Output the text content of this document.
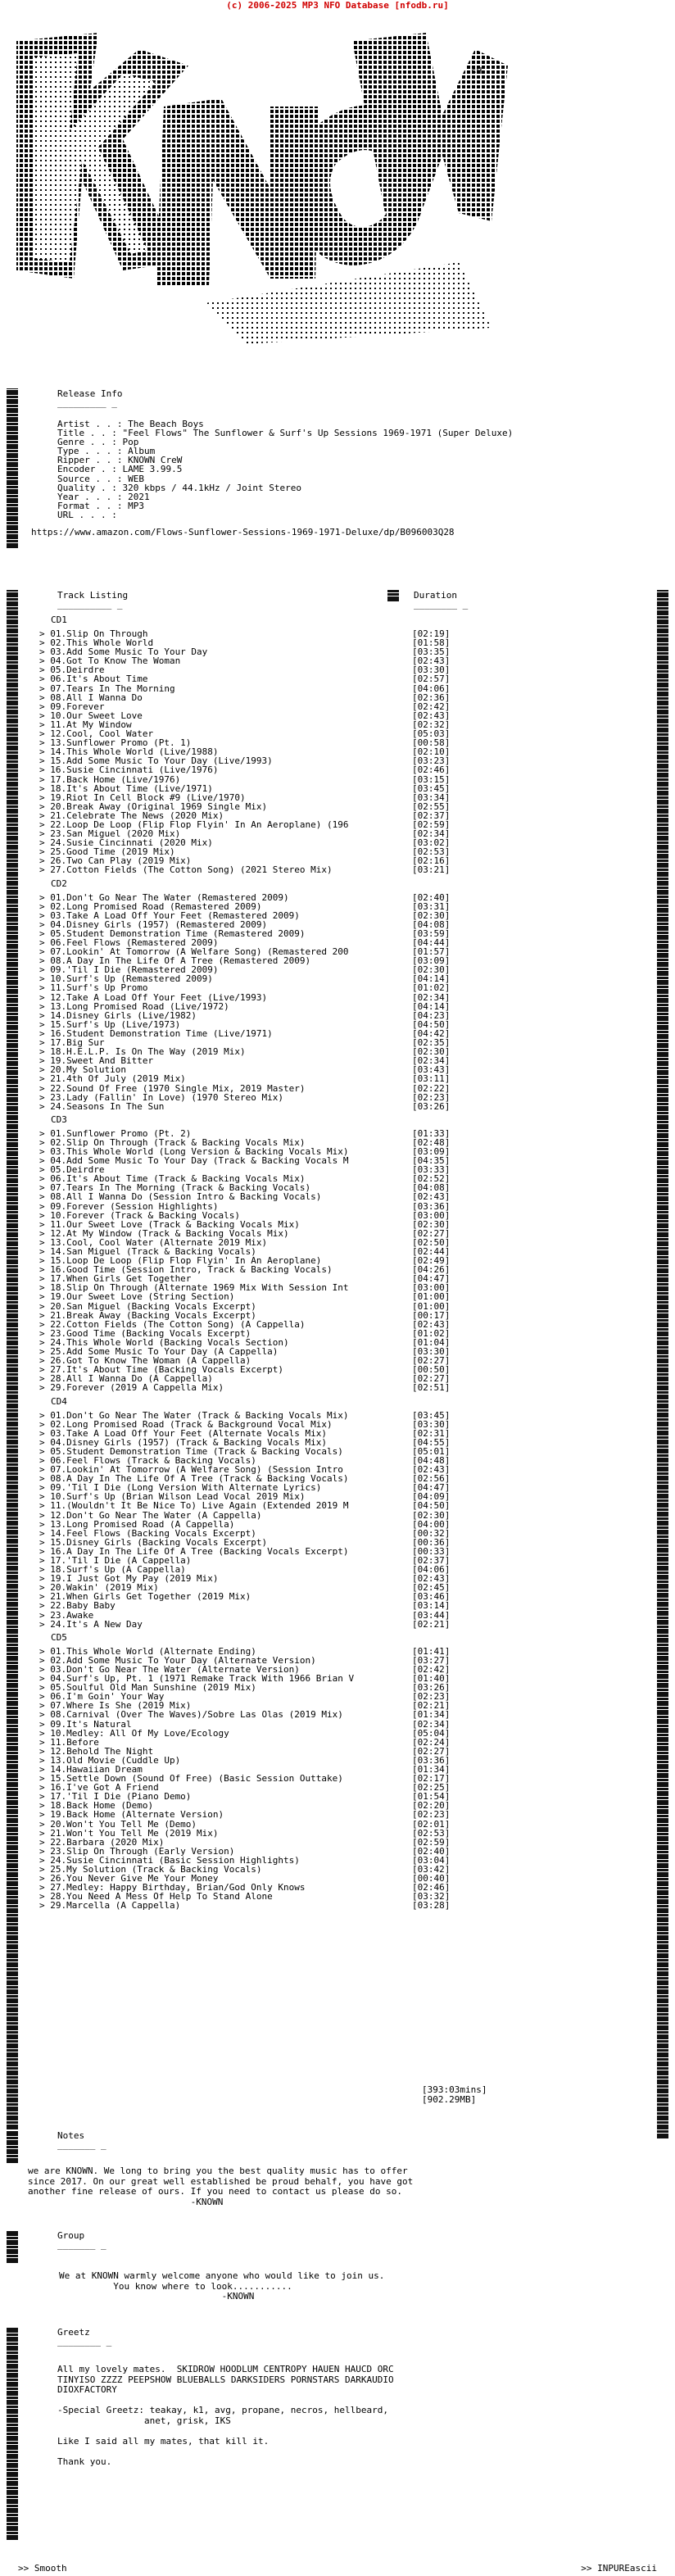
(c) 2006-2025 MP3 NFO Database [nfodb.ru]
sH
Release Info
_________ _
Artist . . : The Beach Boys
Title . . : "Feel Flows" The Sunflower & Surf's Up Sessions 1969-1971 (Super Deluxe)
Genre . . : Pop
Type . . . : Album
Ripper . . : KNOWN CreW
Encoder . : LAME 3.99.5
Source . . : WEB
Quality . : 320 kbps / 44.1kHz / Joint Stereo
Year . . . : 2021
Format . . : MP3
URL . . . :
https://www.amazon.com/Flows-Sunflower-Sessions-1969-1971-Deluxe/dp/B096003Q28
Track Listing
__________ _
Duration
________ _
CD1
> 01.Slip On Through	[02:19]
> 02.This Whole World	[01:58]
> 03.Add Some Music To Your Day	[03:35]
> 04.Got To Know The Woman	[02:43]
> 05.Deirdre	[03:30]
> 06.It's About Time	[02:57]
> 07.Tears In The Morning	[04:06]
> 08.All I Wanna Do	[02:36]
> 09.Forever	[02:42]
> 10.Our Sweet Love	[02:43]
> 11.At My Window	[02:32]
> 12.Cool, Cool Water	[05:03]
> 13.Sunflower Promo (Pt. 1)	[00:58]
> 14.This Whole World (Live/1988)	[02:10]
> 15.Add Some Music To Your Day (Live/1993)	[03:23]
> 16.Susie Cincinnati (Live/1976)	[02:46]
> 17.Back Home (Live/1976)	[03:15]
> 18.It's About Time (Live/1971)	[03:45]
> 19.Riot In Cell Block #9 (Live/1970)	[03:34]
> 20.Break Away (Original 1969 Single Mix)	[02:55]
> 21.Celebrate The News (2020 Mix)	[02:37]
> 22.Loop De Loop (Flip Flop Flyin' In An Aeroplane) (196	[02:59]
> 23.San Miguel (2020 Mix)	[02:34]
> 24.Susie Cincinnati (2020 Mix)	[03:02]
> 25.Good Time (2019 Mix)	[02:53]
> 26.Two Can Play (2019 Mix)	[02:16]
> 27.Cotton Fields (The Cotton Song) (2021 Stereo Mix)	[03:21]
CD2
> 01.Don't Go Near The Water (Remastered 2009)	[02:40]
> 02.Long Promised Road (Remastered 2009)	[03:31]
> 03.Take A Load Off Your Feet (Remastered 2009)	[02:30]
> 04.Disney Girls (1957) (Remastered 2009)	[04:08]
> 05.Student Demonstration Time (Remastered 2009)	[03:59]
> 06.Feel Flows (Remastered 2009)	[04:44]
> 07.Lookin' At Tomorrow (A Welfare Song) (Remastered 200	[01:57]
> 08.A Day In The Life Of A Tree (Remastered 2009)	[03:09]
> 09.'Til I Die (Remastered 2009)	[02:30]
> 10.Surf's Up (Remastered 2009)	[04:14]
> 11.Surf's Up Promo	[01:02]
> 12.Take A Load Off Your Feet (Live/1993)	[02:34]
> 13.Long Promised Road (Live/1972)	[04:14]
> 14.Disney Girls (Live/1982)	[04:23]
> 15.Surf's Up (Live/1973)	[04:50]
> 16.Student Demonstration Time (Live/1971)	[04:42]
> 17.Big Sur	[02:35]
> 18.H.E.L.P. Is On The Way (2019 Mix)	[02:30]
> 19.Sweet And Bitter	[02:34]
> 20.My Solution	[03:43]
> 21.4th Of July (2019 Mix)	[03:11]
> 22.Sound Of Free (1970 Single Mix, 2019 Master)	[02:22]
> 23.Lady (Fallin' In Love) (1970 Stereo Mix)	[02:23]
> 24.Seasons In The Sun	[03:26]
CD3
> 01.Sunflower Promo (Pt. 2)	[01:33]
> 02.Slip On Through (Track & Backing Vocals Mix)	[02:48]
> 03.This Whole World (Long Version & Backing Vocals Mix)	[03:09]
> 04.Add Some Music To Your Day (Track & Backing Vocals M	[04:35]
> 05.Deirdre	[03:33]
> 06.It's About Time (Track & Backing Vocals Mix)	[02:52]
> 07.Tears In The Morning (Track & Backing Vocals)	[04:08]
> 08.All I Wanna Do (Session Intro & Backing Vocals)	[02:43]
> 09.Forever (Session Highlights)	[03:36]
> 10.Forever (Track & Backing Vocals)	[03:00]
> 11.Our Sweet Love (Track & Backing Vocals Mix)	[02:30]
> 12.At My Window (Track & Backing Vocals Mix)	[02:27]
> 13.Cool, Cool Water (Alternate 2019 Mix)	[02:50]
> 14.San Miguel (Track & Backing Vocals)	[02:44]
> 15.Loop De Loop (Flip Flop Flyin' In An Aeroplane)	[02:49]
> 16.Good Time (Session Intro, Track & Backing Vocals)	[04:26]
> 17.When Girls Get Together	[04:47]
> 18.Slip On Through (Alternate 1969 Mix With Session Int	[03:00]
> 19.Our Sweet Love (String Section)	[01:00]
> 20.San Miguel (Backing Vocals Excerpt)	[01:00]
> 21.Break Away (Backing Vocals Excerpt)	[00:17]
> 22.Cotton Fields (The Cotton Song) (A Cappella)	[02:43]
> 23.Good Time (Backing Vocals Excerpt)	[01:02]
> 24.This Whole World (Backing Vocals Section)	[01:04]
> 25.Add Some Music To Your Day (A Cappella)	[03:30]
> 26.Got To Know The Woman (A Cappella)	[02:27]
> 27.It's About Time (Backing Vocals Excerpt)	[00:50]
> 28.All I Wanna Do (A Cappella)	[02:27]
> 29.Forever (2019 A Cappella Mix)	[02:51]
CD4
> 01.Don't Go Near The Water (Track & Backing Vocals Mix)	[03:45]
> 02.Long Promised Road (Track & Background Vocal Mix)	[03:30]
> 03.Take A Load Off Your Feet (Alternate Vocals Mix)	[02:31]
> 04.Disney Girls (1957) (Track & Backing Vocals Mix)	[04:55]
> 05.Student Demonstration Time (Track & Backing Vocals)	[05:01]
> 06.Feel Flows (Track & Backing Vocals)	[04:48]
> 07.Lookin' At Tomorrow (A Welfare Song) (Session Intro	[02:43]
> 08.A Day In The Life Of A Tree (Track & Backing Vocals)	[02:56]
> 09.'Til I Die (Long Version With Alternate Lyrics)	[04:47]
> 10.Surf's Up (Brian Wilson Lead Vocal 2019 Mix)	[04:09]
> 11.(Wouldn't It Be Nice To) Live Again (Extended 2019 M	[04:50]
> 12.Don't Go Near The Water (A Cappella)	[02:30]
> 13.Long Promised Road (A Cappella)	[04:00]
> 14.Feel Flows (Backing Vocals Excerpt)	[00:32]
> 15.Disney Girls (Backing Vocals Excerpt)	[00:36]
> 16.A Day In The Life Of A Tree (Backing Vocals Excerpt)	[00:33]
> 17.'Til I Die (A Cappella)	[02:37]
> 18.Surf's Up (A Cappella)	[04:06]
> 19.I Just Got My Pay (2019 Mix)	[02:43]
> 20.Wakin' (2019 Mix)	[02:45]
> 21.When Girls Get Together (2019 Mix)	[03:46]
> 22.Baby Baby	[03:14]
> 23.Awake	[03:44]
> 24.It's A New Day	[02:21]
CD5
> 01.This Whole World (Alternate Ending)	[01:41]
> 02.Add Some Music To Your Day (Alternate Version)	[03:27]
> 03.Don't Go Near The Water (Alternate Version)	[02:42]
> 04.Surf's Up, Pt. 1 (1971 Remake Track With 1966 Brian V	[01:40]
> 05.Soulful Old Man Sunshine (2019 Mix)	[03:26]
> 06.I'm Goin' Your Way	[02:23]
> 07.Where Is She (2019 Mix)	[02:21]
> 08.Carnival (Over The Waves)/Sobre Las Olas (2019 Mix)	[01:34]
> 09.It's Natural	[02:34]
> 10.Medley: All Of My Love/Ecology	[05:04]
> 11.Before	[02:24]
> 12.Behold The Night	[02:27]
> 13.Old Movie (Cuddle Up)	[03:36]
> 14.Hawaiian Dream	[01:34]
> 15.Settle Down (Sound Of Free) (Basic Session Outtake)	[02:17]
> 16.I've Got A Friend	[02:25]
> 17.'Til I Die (Piano Demo)	[01:54]
> 18.Back Home (Demo)	[02:20]
> 19.Back Home (Alternate Version)	[02:23]
> 20.Won't You Tell Me (Demo)	[02:01]
> 21.Won't You Tell Me (2019 Mix)	[02:53]
> 22.Barbara (2020 Mix)	[02:59]
> 23.Slip On Through (Early Version)	[02:40]
> 24.Susie Cincinnati (Basic Session Highlights)	[03:04]
> 25.My Solution (Track & Backing Vocals)	[03:42]
> 26.You Never Give Me Your Money	[00:40]
> 27.Medley: Happy Birthday, Brian/God Only Knows	[02:46]
> 28.You Need A Mess Of Help To Stand Alone	[03:32]
> 29.Marcella (A Cappella)	[03:28]
[393:03mins]
[902.29MB]
Notes
_______ _
we are KNOWN. We long to bring you the best quality music has to offer
since 2017. On our great well established be proud behalf, you have got
another fine release of ours. If you need to contact us please do so.
-KNOWN
Group
_______ _
We at KNOWN warmly welcome anyone who would like to join us.
You know where to look...........
-KNOWN
Greetz
________ _
All my lovely mates.  SKIDROW HOODLUM CENTROPY HAUEN HAUCD ORC
TINYISO ZZZZ PEEPSHOW BLUEBALLS DARKSIDERS PORNSTARS DARKAUDIO
DIOXFACTORY

-Special Greetz: teakay, k1, avg, propane, necros, hellbeard,
anet, grisk, IKS

Like I said all my mates, that kill it.

Thank you.
>> Smooth	>> INPUREascii
